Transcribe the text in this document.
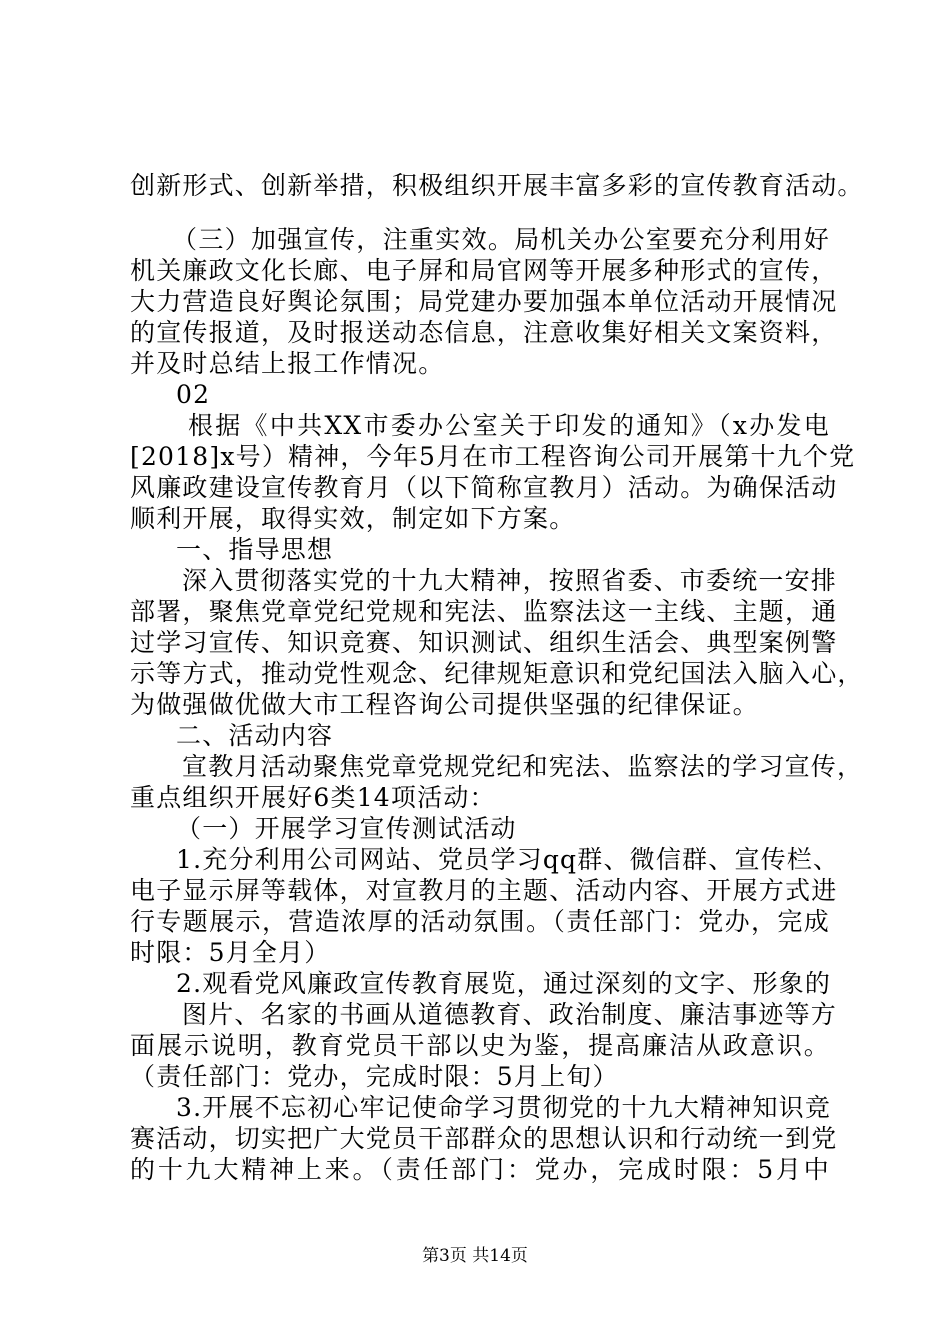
创新形式、创新举措，积极组织开展丰富多彩的宣传教育活动。
（三）加强宣传，注重实效。局机关办公室要充分利用好
机关廉政文化长廊、电子屏和局官网等开展多种形式的宣传，
大力营造良好舆论氛围；局党建办要加强本单位活动开展情况
的宣传报道，及时报送动态信息，注意收集好相关文案资料，
并及时总结上报工作情况。
02
根据《中共XX市委办公室关于印发的通知》（x办发电
[2018]x号）精神，今年5月在市工程咨询公司开展第十九个党
风廉政建设宣传教育月（以下简称宣教月）活动。为确保活动
顺利开展，取得实效，制定如下方案。
一、指导思想
深入贯彻落实党的十九大精神，按照省委、市委统一安排
部署，聚焦党章党纪党规和宪法、监察法这一主线、主题，通
过学习宣传、知识竞赛、知识测试、组织生活会、典型案例警
示等方式，推动党性观念、纪律规矩意识和党纪国法入脑入心，
为做强做优做大市工程咨询公司提供坚强的纪律保证。
二、活动内容
宣教月活动聚焦党章党规党纪和宪法、监察法的学习宣传，
重点组织开展好6类14项活动：
（一）开展学习宣传测试活动
1.充分利用公司网站、党员学习qq群、微信群、宣传栏、
电子显示屏等载体，对宣教月的主题、活动内容、开展方式进
行专题展示，营造浓厚的活动氛围。（责任部门：党办，完成
时限：5月全月）
2.观看党风廉政宣传教育展览，通过深刻的文字、形象的
图片、名家的书画从道德教育、政治制度、廉洁事迹等方
面展示说明，教育党员干部以史为鉴，提高廉洁从政意识。
（责任部门：党办，完成时限：5月上旬）
3.开展不忘初心牢记使命学习贯彻党的十九大精神知识竞
赛活动，切实把广大党员干部群众的思想认识和行动统一到党
的十九大精神上来。（责任部门：党办，完成时限：5月中
第3页 共14页
